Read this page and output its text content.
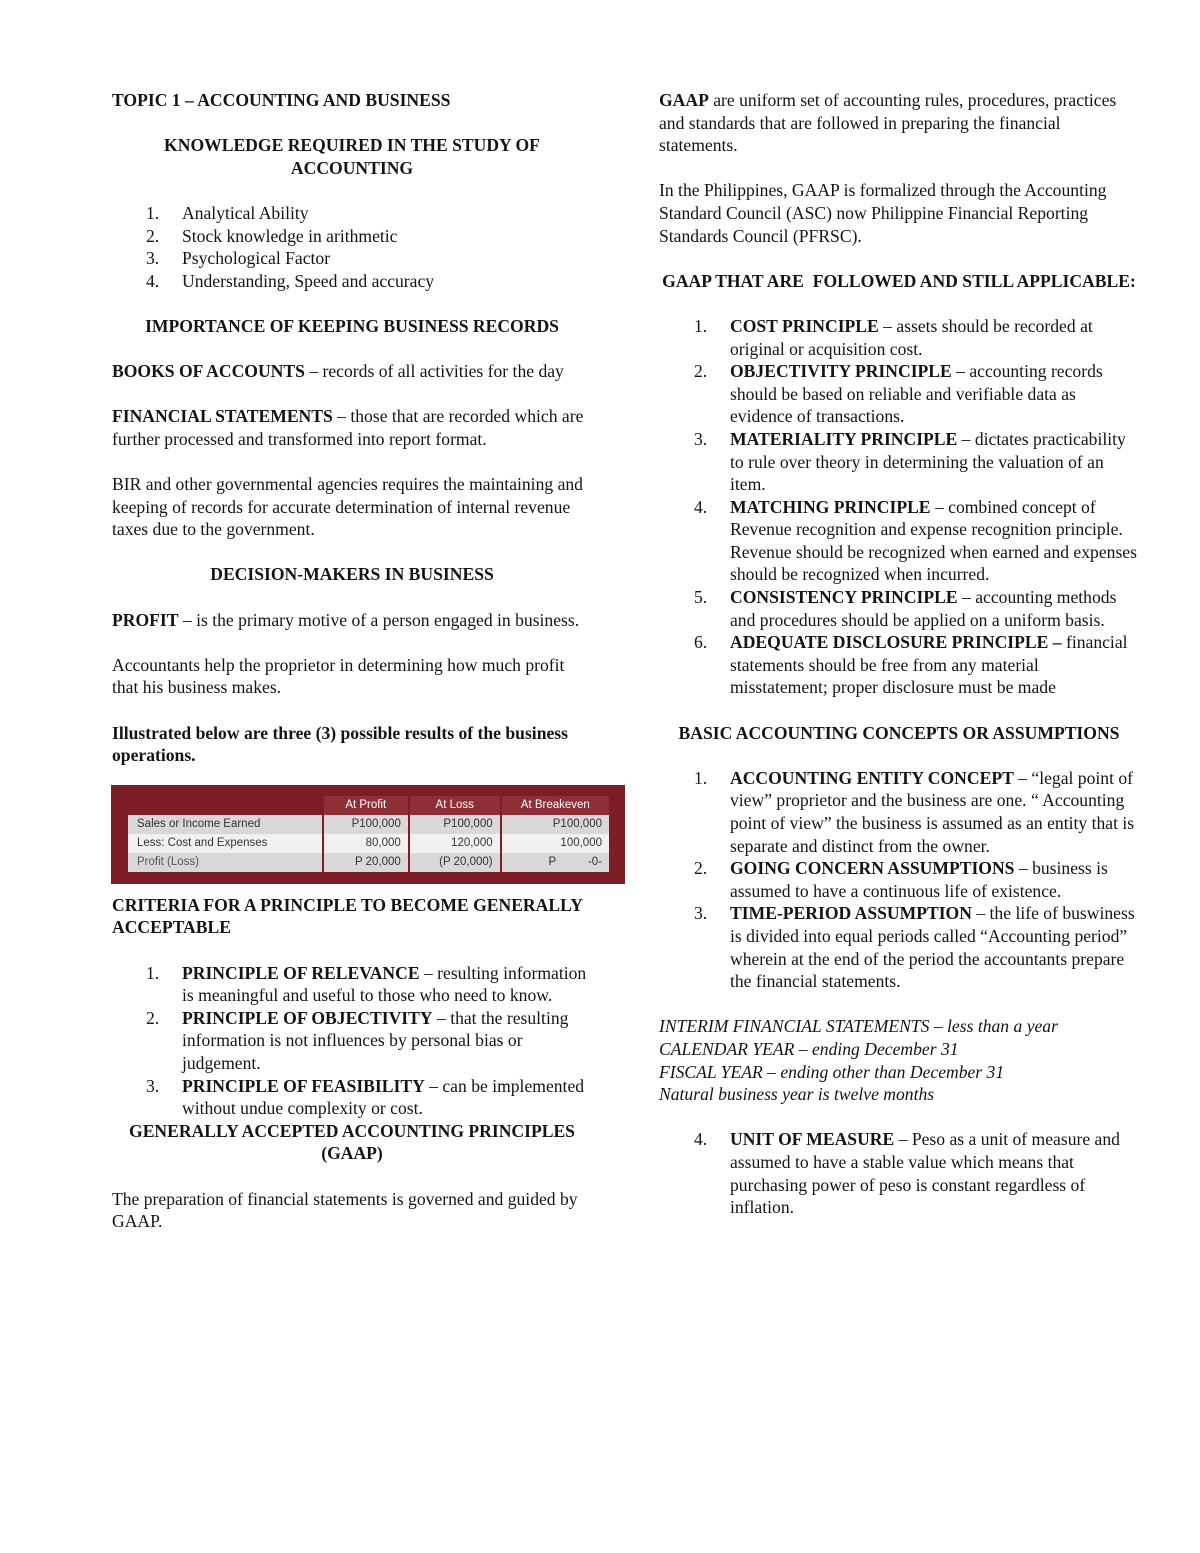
TOPIC 1 – ACCOUNTING AND BUSINESS

KNOWLEDGE REQUIRED IN THE STUDY OF ACCOUNTING

1. Analytical Ability
2. Stock knowledge in arithmetic
3. Psychological Factor
4. Understanding, Speed and accuracy

IMPORTANCE OF KEEPING BUSINESS RECORDS

BOOKS OF ACCOUNTS – records of all activities for the day

FINANCIAL STATEMENTS – those that are recorded which are further processed and transformed into report format.

BIR and other governmental agencies requires the maintaining and keeping of records for accurate determination of internal revenue taxes due to the government.

DECISION-MAKERS IN BUSINESS

PROFIT – is the primary motive of a person engaged in business.

Accountants help the proprietor in determining how much profit that his business makes.

Illustrated below are three (3) possible results of the business operations.

	At Profit	At Loss	At Breakeven
Sales or Income Earned	P100,000	P100,000	P100,000
Less: Cost and Expenses	80,000	120,000	100,000
Profit (Loss)	P 20,000	(P 20,000)	P          -0-

CRITERIA FOR A PRINCIPLE TO BECOME GENERALLY ACCEPTABLE

1. PRINCIPLE OF RELEVANCE – resulting information is meaningful and useful to those who need to know.
2. PRINCIPLE OF OBJECTIVITY – that the resulting information is not influences by personal bias or judgement.
3. PRINCIPLE OF FEASIBILITY – can be implemented without undue complexity or cost.

GENERALLY ACCEPTED ACCOUNTING PRINCIPLES (GAAP)

The preparation of financial statements is governed and guided by GAAP.

GAAP are uniform set of accounting rules, procedures, practices and standards that are followed in preparing the financial statements.

In the Philippines, GAAP is formalized through the Accounting Standard Council (ASC) now Philippine Financial Reporting Standards Council (PFRSC).

GAAP THAT ARE  FOLLOWED AND STILL APPLICABLE:

1. COST PRINCIPLE – assets should be recorded at original or acquisition cost.
2. OBJECTIVITY PRINCIPLE – accounting records should be based on reliable and verifiable data as evidence of transactions.
3. MATERIALITY PRINCIPLE – dictates practicability to rule over theory in determining the valuation of an item.
4. MATCHING PRINCIPLE – combined concept of Revenue recognition and expense recognition principle. Revenue should be recognized when earned and expenses should be recognized when incurred.
5. CONSISTENCY PRINCIPLE – accounting methods and procedures should be applied on a uniform basis.
6. ADEQUATE DISCLOSURE PRINCIPLE – financial statements should be free from any material misstatement; proper disclosure must be made

BASIC ACCOUNTING CONCEPTS OR ASSUMPTIONS

1. ACCOUNTING ENTITY CONCEPT – “legal point of view” proprietor and the business are one. “ Accounting point of view” the business is assumed as an entity that is separate and distinct from the owner.
2. GOING CONCERN ASSUMPTIONS – business is assumed to have a continuous life of existence.
3. TIME-PERIOD ASSUMPTION – the life of buswiness is divided into equal periods called “Accounting period” wherein at the end of the period the accountants prepare the financial statements.

INTERIM FINANCIAL STATEMENTS – less than a year

CALENDAR YEAR – ending December 31

FISCAL YEAR – ending other than December 31

Natural business year is twelve months

4. UNIT OF MEASURE – Peso as a unit of measure and assumed to have a stable value which means that purchasing power of peso is constant regardless of inflation.
